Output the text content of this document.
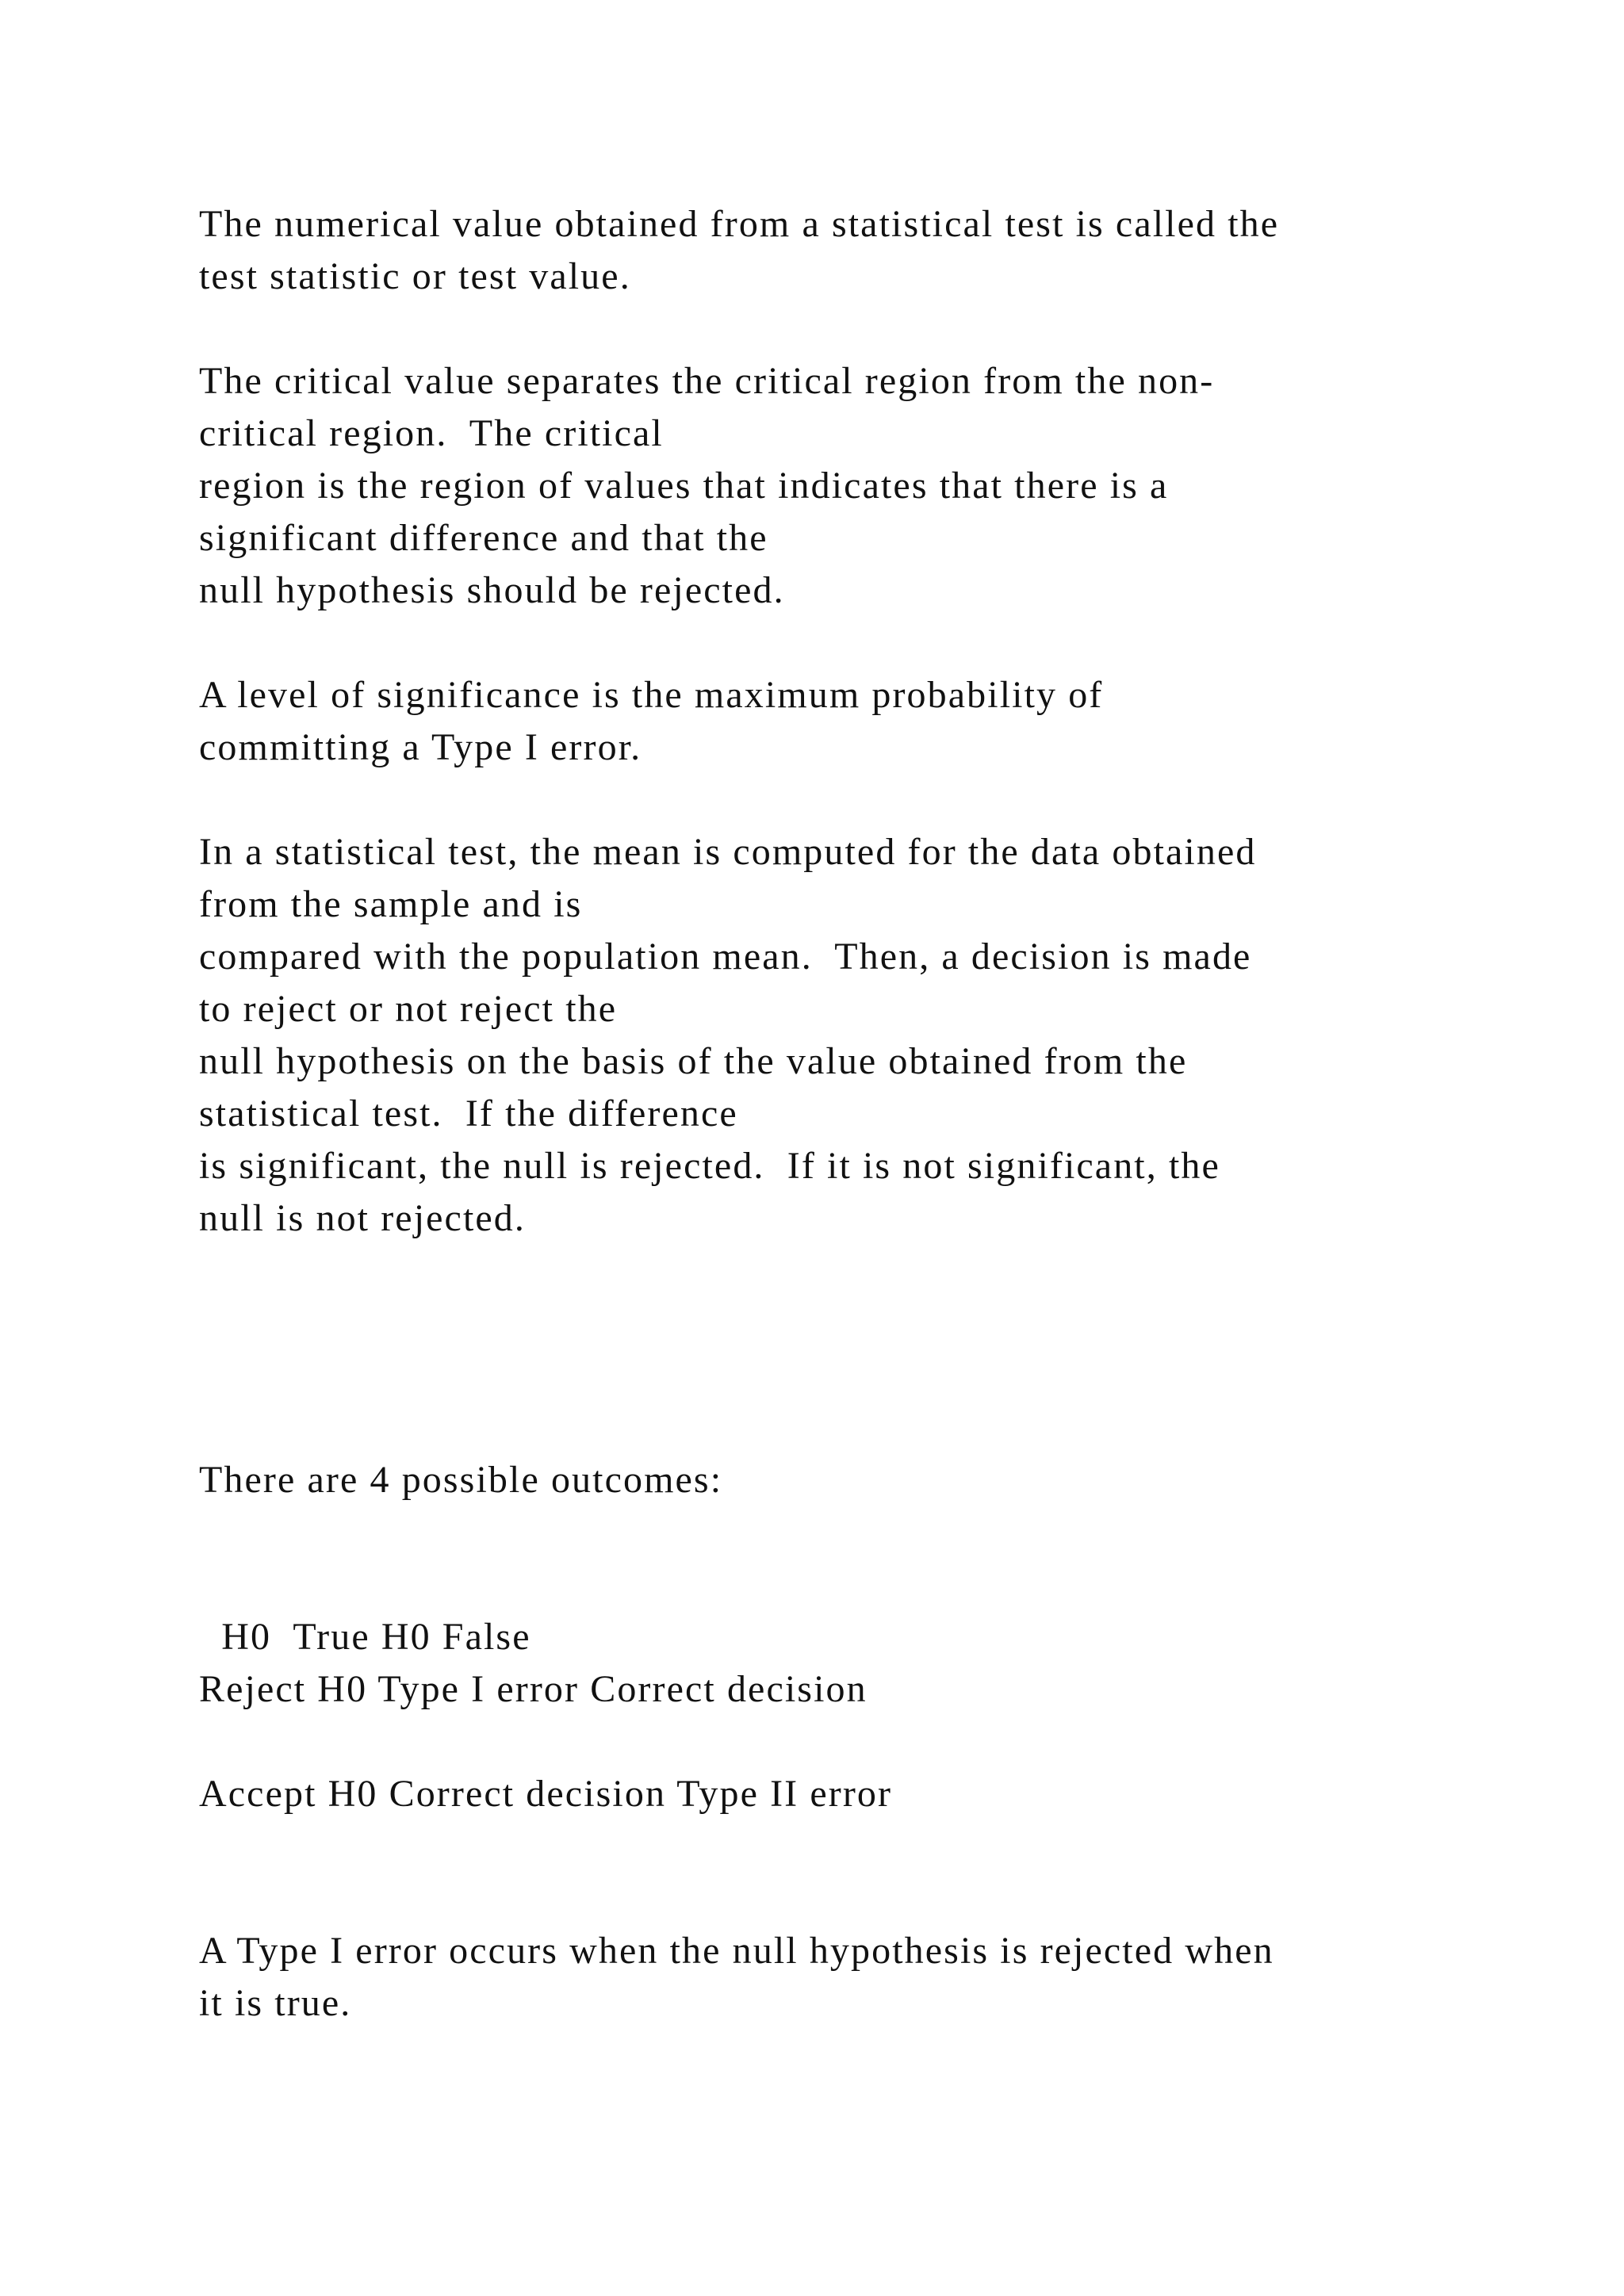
The numerical value obtained from a statistical test is called the
test statistic or test value.
The critical value separates the critical region from the non-
critical region.  The critical
region is the region of values that indicates that there is a
significant difference and that the
null hypothesis should be rejected.
A level of significance is the maximum probability of
committing a Type I error.
In a statistical test, the mean is computed for the data obtained
from the sample and is
compared with the population mean.  Then, a decision is made
to reject or not reject the
null hypothesis on the basis of the value obtained from the
statistical test.  If the difference
is significant, the null is rejected.  If it is not significant, the
null is not rejected.
There are 4 possible outcomes:
H0  True H0 False
Reject H0 Type I error Correct decision
Accept H0 Correct decision Type II error
A Type I error occurs when the null hypothesis is rejected when
it is true.
